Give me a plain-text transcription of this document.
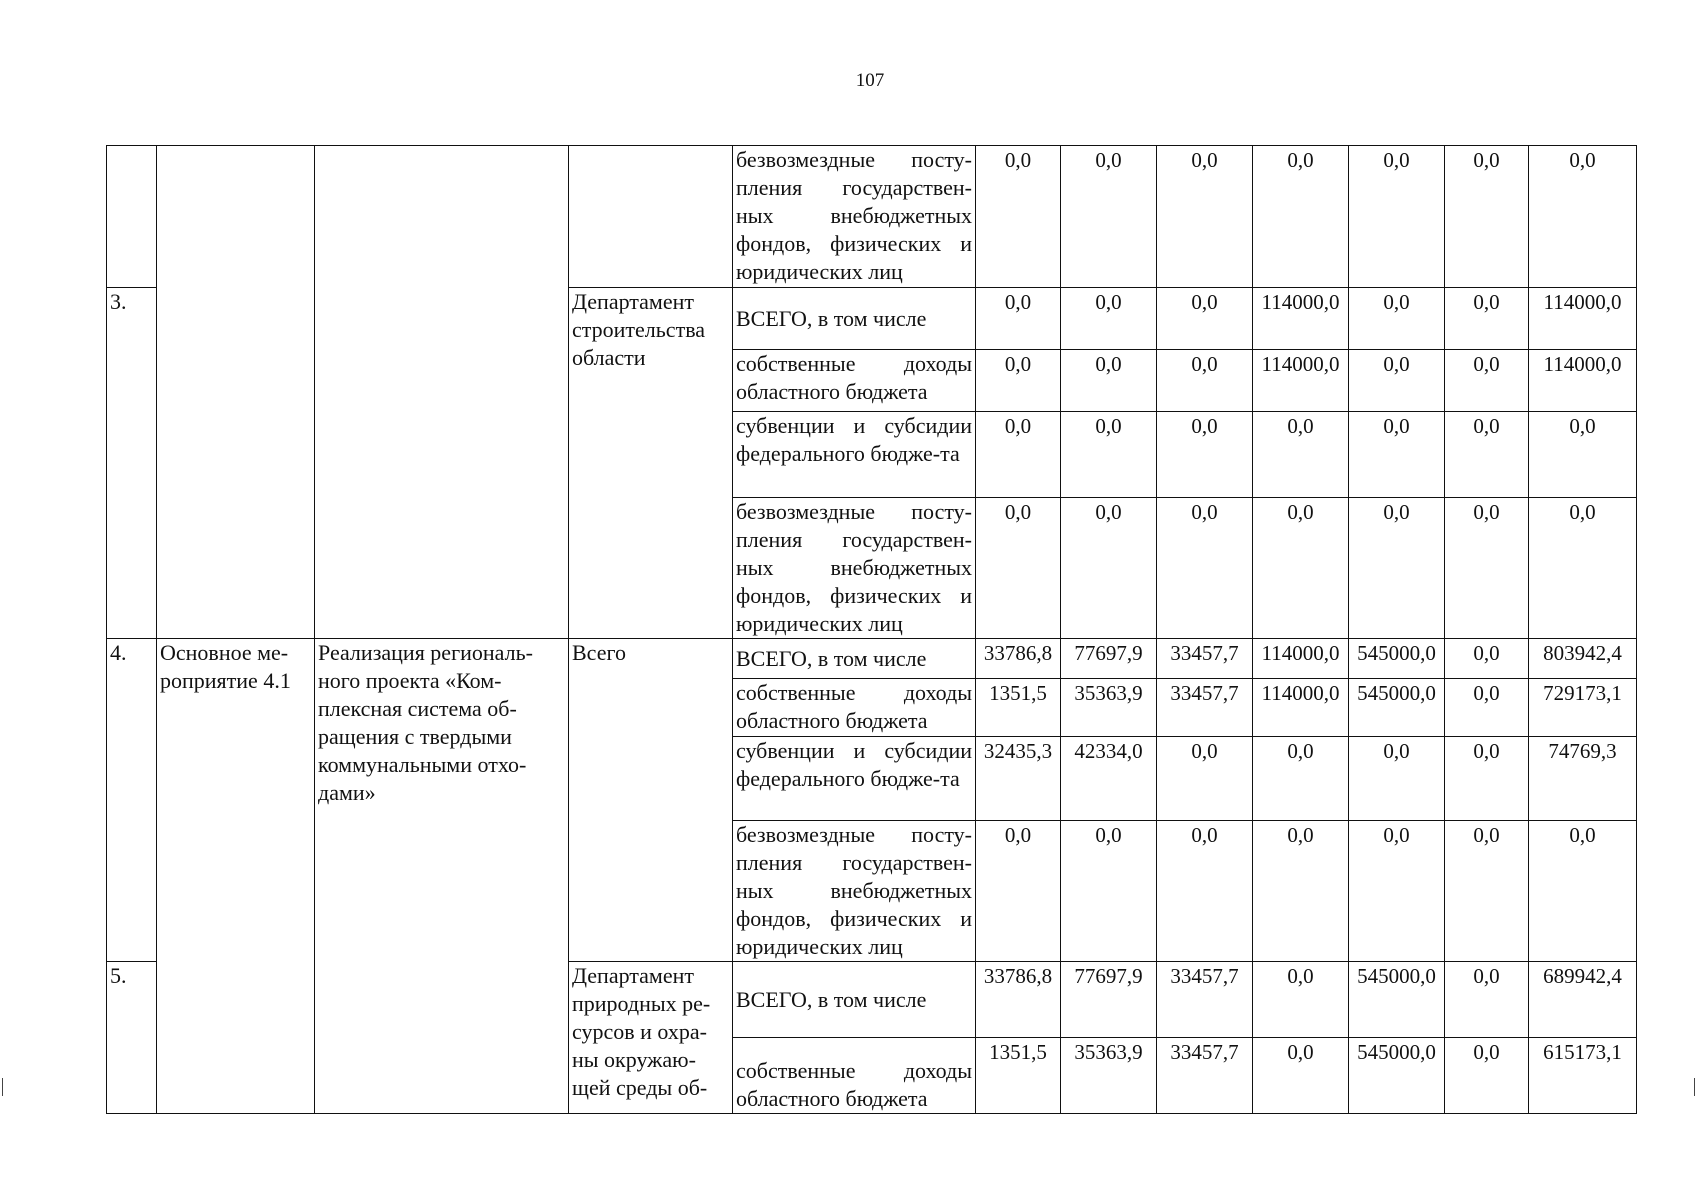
107
				безвозмездные посту-пления государствен-ных внебюджетных фондов, физических и юридических лиц	0,0	0,0	0,0	0,0	0,0	0,0	0,0
3.			Департамент строительства области	ВСЕГО, в том числе	0,0	0,0	0,0	114000,0	0,0	0,0	114000,0
				собственные доходы областного бюджета	0,0	0,0	0,0	114000,0	0,0	0,0	114000,0
				субвенции и субсидии федерального бюдже-та	0,0	0,0	0,0	0,0	0,0	0,0	0,0
				безвозмездные посту-пления государствен-ных внебюджетных фондов, физических и юридических лиц	0,0	0,0	0,0	0,0	0,0	0,0	0,0
4.	Основное ме-роприятие 4.1	Реализация региональ-ного проекта «Ком-плексная система об-ращения с твердыми коммунальными отхо-дами»	Всего	ВСЕГО, в том числе	33786,8	77697,9	33457,7	114000,0	545000,0	0,0	803942,4
				собственные доходы областного бюджета	1351,5	35363,9	33457,7	114000,0	545000,0	0,0	729173,1
				субвенции и субсидии федерального бюдже-та	32435,3	42334,0	0,0	0,0	0,0	0,0	74769,3
				безвозмездные посту-пления государствен-ных внебюджетных фондов, физических и юридических лиц	0,0	0,0	0,0	0,0	0,0	0,0	0,0
5.			Департамент природных ре-сурсов и охра-ны окружаю-щей среды об-	ВСЕГО, в том числе	33786,8	77697,9	33457,7	0,0	545000,0	0,0	689942,4
				собственные доходы областного бюджета	1351,5	35363,9	33457,7	0,0	545000,0	0,0	615173,1
